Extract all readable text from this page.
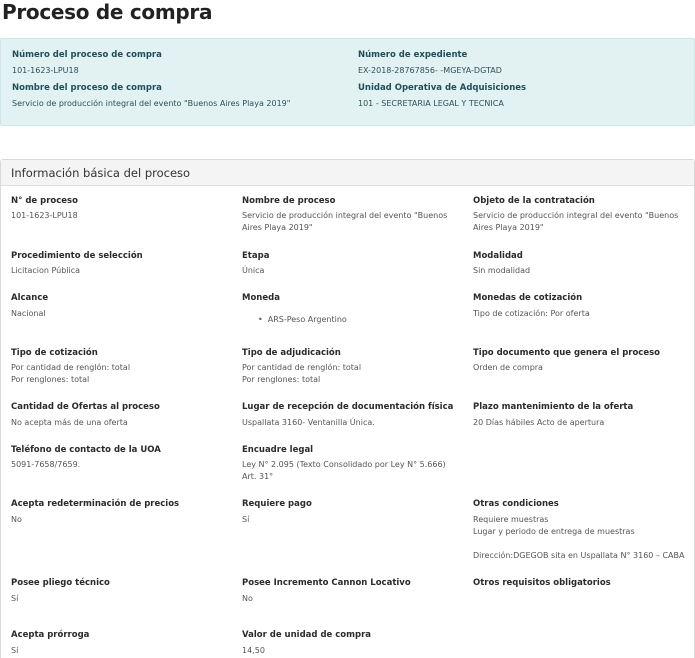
Proceso de compra
Número del proceso de compra
101-1623-LPU18
Nombre del proceso de compra
Servicio de producción integral del evento "Buenos Aires Playa 2019"
Número de expediente
EX-2018-28767856- -MGEYA-DGTAD
Unidad Operativa de Adquisiciones
101 - SECRETARIA LEGAL Y TECNICA
Información básica del proceso
N° de proceso
101-1623-LPU18
Nombre de proceso
Servicio de producción integral del evento "Buenos
Aires Playa 2019"
Objeto de la contratación
Servicio de producción integral del evento "Buenos
Aires Playa 2019"
Procedimiento de selección
Licitacion Pública
Etapa
Única
Modalidad
Sin modalidad
Alcance
Nacional
Moneda
• ARS-Peso Argentino
Monedas de cotización
Tipo de cotización: Por oferta
Tipo de cotización
Por cantidad de renglón: total
Por renglones: total
Tipo de adjudicación
Por cantidad de renglón: total
Por renglones: total
Tipo documento que genera el proceso
Orden de compra
Cantidad de Ofertas al proceso
No acepta más de una oferta
Lugar de recepción de documentación física
Uspallata 3160- Ventanilla Única.
Plazo mantenimiento de la oferta
20 Días hábiles Acto de apertura
Teléfono de contacto de la UOA
5091-7658/7659.
Encuadre legal
Ley N° 2.095 (Texto Consolidado por Ley N° 5.666)
Art. 31°
Acepta redeterminación de precios
No
Requiere pago
Sí
Otras condiciones
Requiere muestras
Lugar y periodo de entrega de muestras
Dirección:DGEGOB sita en Uspallata N° 3160 – CABA
Posee pliego técnico
Sí
Posee Incremento Cannon Locativo
No
Otros requisitos obligatorios
Acepta prórroga
Sí
Valor de unidad de compra
14,50
